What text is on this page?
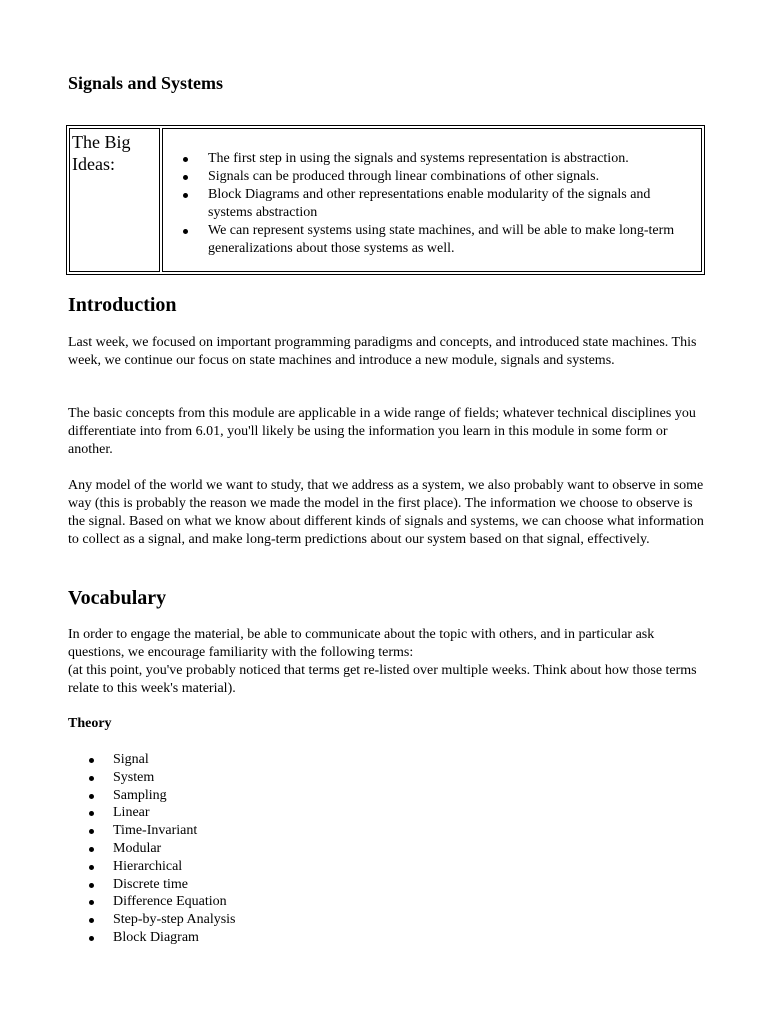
Signals and Systems
The Big Ideas:	The first step in using the signals and systems representation is abstraction.
Signals can be produced through linear combinations of other signals.
Block Diagrams and other representations enable modularity of the signals and systems abstraction
We can represent systems using state machines, and will be able to make long-term generalizations about those systems as well.
Introduction

Last week, we focused on important programming paradigms and concepts, and introduced state machines. This week, we continue our focus on state machines and introduce a new module, signals and systems.

The basic concepts from this module are applicable in a wide range of fields; whatever technical disciplines you differentiate into from 6.01, you'll likely be using the information you learn in this module in some form or another.

Any model of the world we want to study, that we address as a system, we also probably want to observe in some way (this is probably the reason we made the model in the first place). The information we choose to observe is the signal. Based on what we know about different kinds of signals and systems, we can choose what information to collect as a signal, and make long-term predictions about our system based on that signal, effectively.

Vocabulary

In order to engage the material, be able to communicate about the topic with others, and in particular ask questions, we encourage familiarity with the following terms:

(at this point, you've probably noticed that terms get re-listed over multiple weeks. Think about how those terms relate to this week's material).

Theory
Signal
System
Sampling
Linear
Time-Invariant
Modular
Hierarchical
Discrete time
Difference Equation
Step-by-step Analysis
Block Diagram
